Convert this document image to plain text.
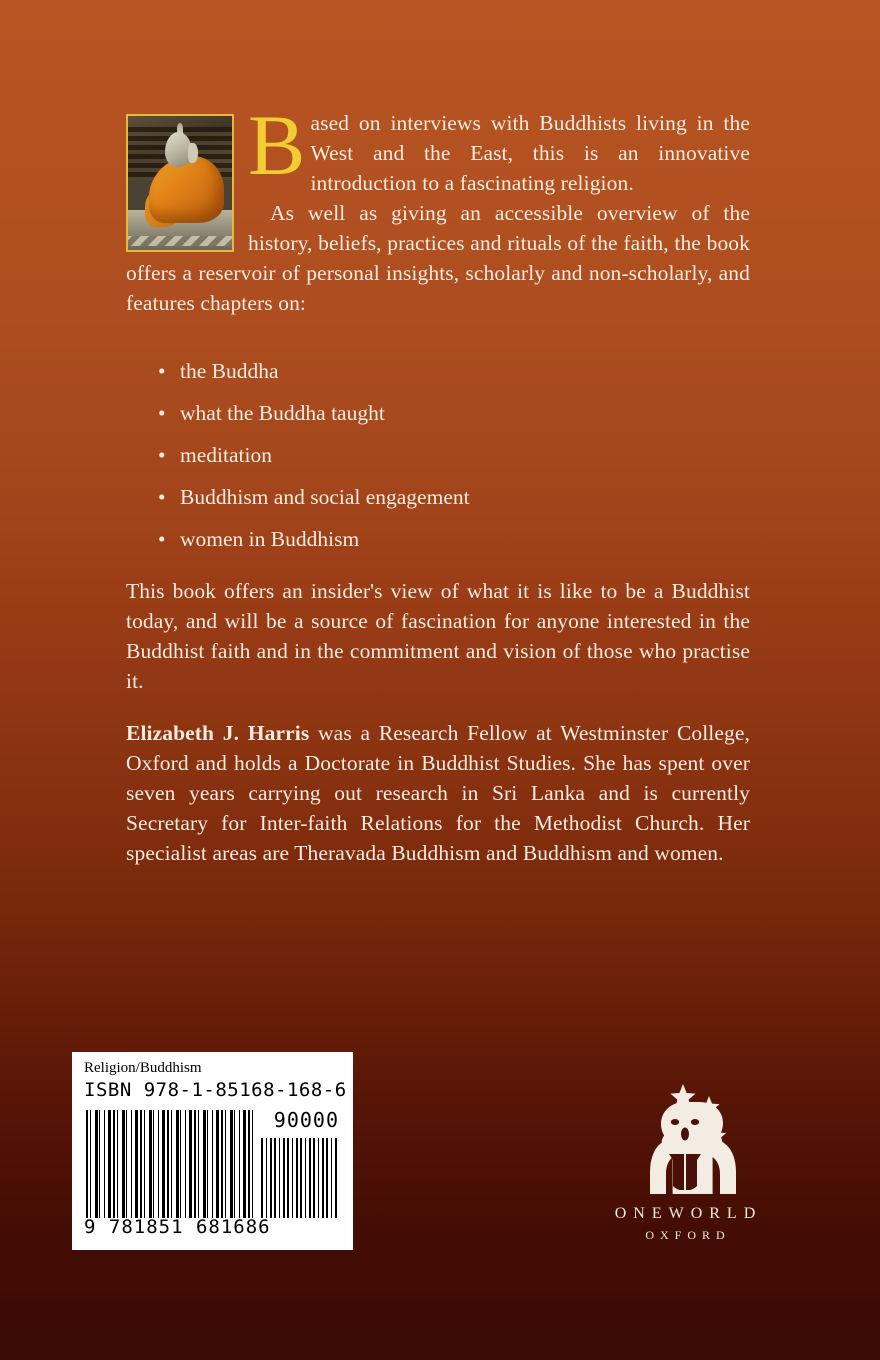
Based on interviews with Buddhists living in the West and the East, this is an innovative introduction to a fascinating religion.

As well as giving an accessible overview of the history, beliefs, practices and rituals of the faith, the book offers a reservoir of personal insights, scholarly and non-scholarly, and features chapters on:

• the Buddha
• what the Buddha taught
• meditation
• Buddhism and social engagement
• women in Buddhism

This book offers an insider's view of what it is like to be a Buddhist today, and will be a source of fascination for anyone interested in the Buddhist faith and in the commitment and vision of those who practise it.

Elizabeth J. Harris was a Research Fellow at Westminster College, Oxford and holds a Doctorate in Buddhist Studies. She has spent over seven years carrying out research in Sri Lanka and is currently Secretary for Inter-faith Relations for the Methodist Church. Her specialist areas are Theravada Buddhism and Buddhism and women.

Religion/Buddhism
ISBN 978-1-85168-168-6
90000
9 781851 681686
ONEWORLD
OXFORD
